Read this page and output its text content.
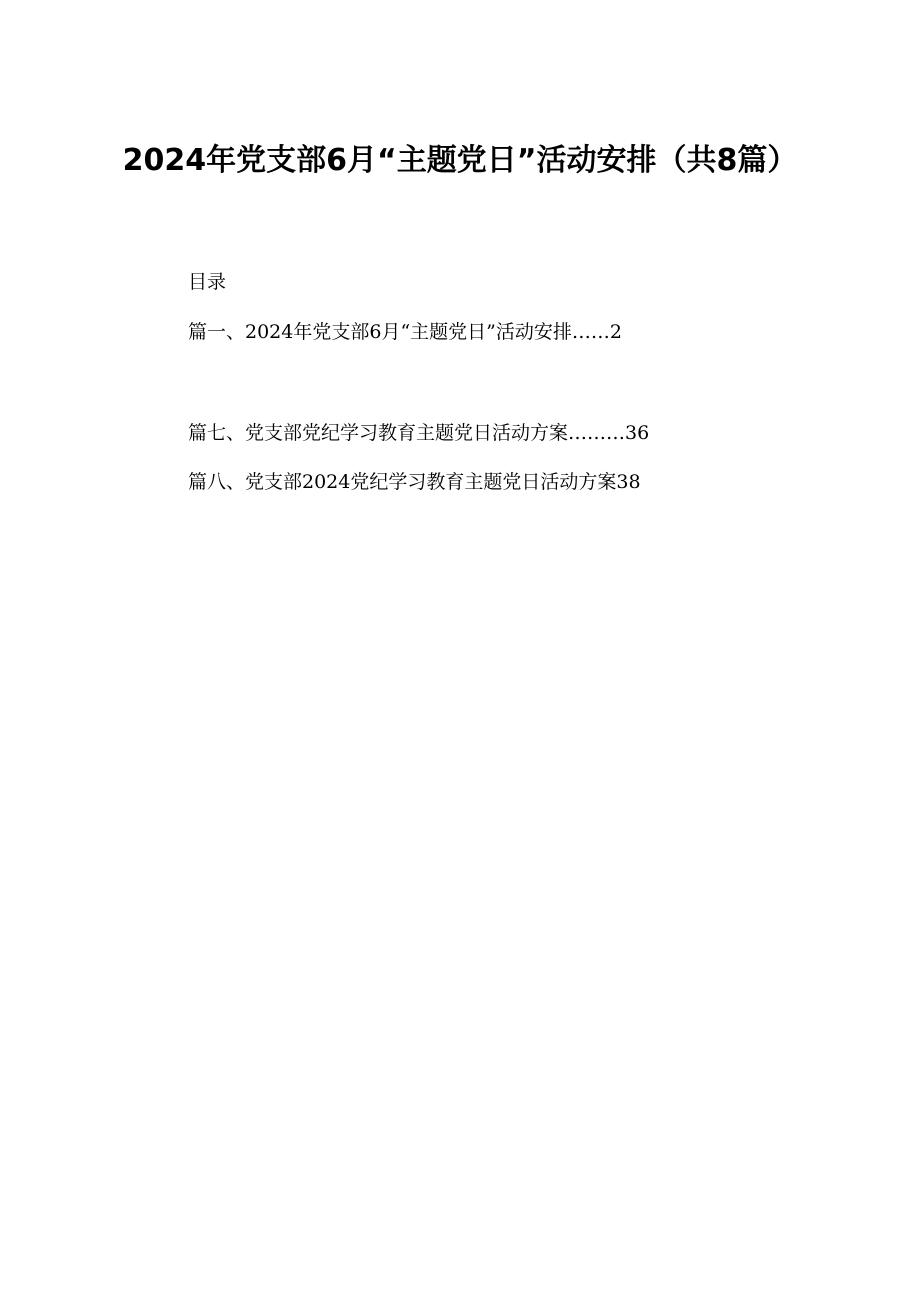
2024年党支部6月“主题党日”活动安排（共8篇）
目录
篇一、2024年党支部6月“主题党日”活动安排……2
篇七、党支部党纪学习教育主题党日活动方案………36
篇八、党支部2024党纪学习教育主题党日活动方案38
